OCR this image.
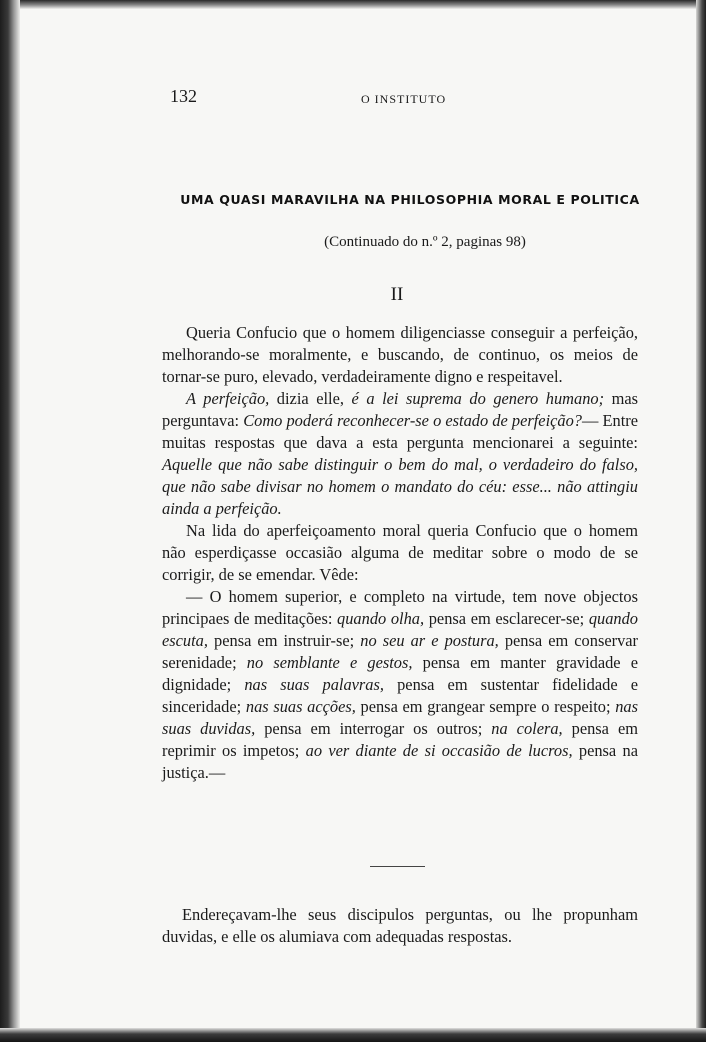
132	O INSTITUTO
UMA QUASI MARAVILHA NA PHILOSOPHIA MORAL E POLITICA
(Continuado do n.º 2, paginas 98)
II

Queria Confucio que o homem diligenciasse conseguir a perfeição, melhorando-se moralmente, e buscando, de continuo, os meios de tornar-se puro, elevado, verdadeiramente digno e respeitavel.

A perfeição, dizia elle, é a lei suprema do genero humano; mas perguntava: Como poderá reconhecer-se o estado de perfeição?— Entre muitas respostas que dava a esta pergunta mencionarei a seguinte: Aquelle que não sabe distinguir o bem do mal, o verdadeiro do falso, que não sabe divisar no homem o mandato do céu: esse... não attingiu ainda a perfeição.

Na lida do aperfeiçoamento moral queria Confucio que o homem não esperdiçasse occasião alguma de meditar sobre o modo de se corrigir, de se emendar. Vêde:

— O homem superior, e completo na virtude, tem nove objectos principaes de meditações: quando olha, pensa em esclarecer-se; quando escuta, pensa em instruir-se; no seu ar e postura, pensa em conservar serenidade; no semblante e gestos, pensa em manter gravidade e dignidade; nas suas palavras, pensa em sustentar fidelidade e sinceridade; nas suas acções, pensa em grangear sempre o respeito; nas suas duvidas, pensa em interrogar os outros; na colera, pensa em reprimir os impetos; ao ver diante de si occasião de lucros, pensa na justiça.—

Endereçavam-lhe seus discipulos perguntas, ou lhe propunham duvidas, e elle os alumiava com adequadas respostas.
